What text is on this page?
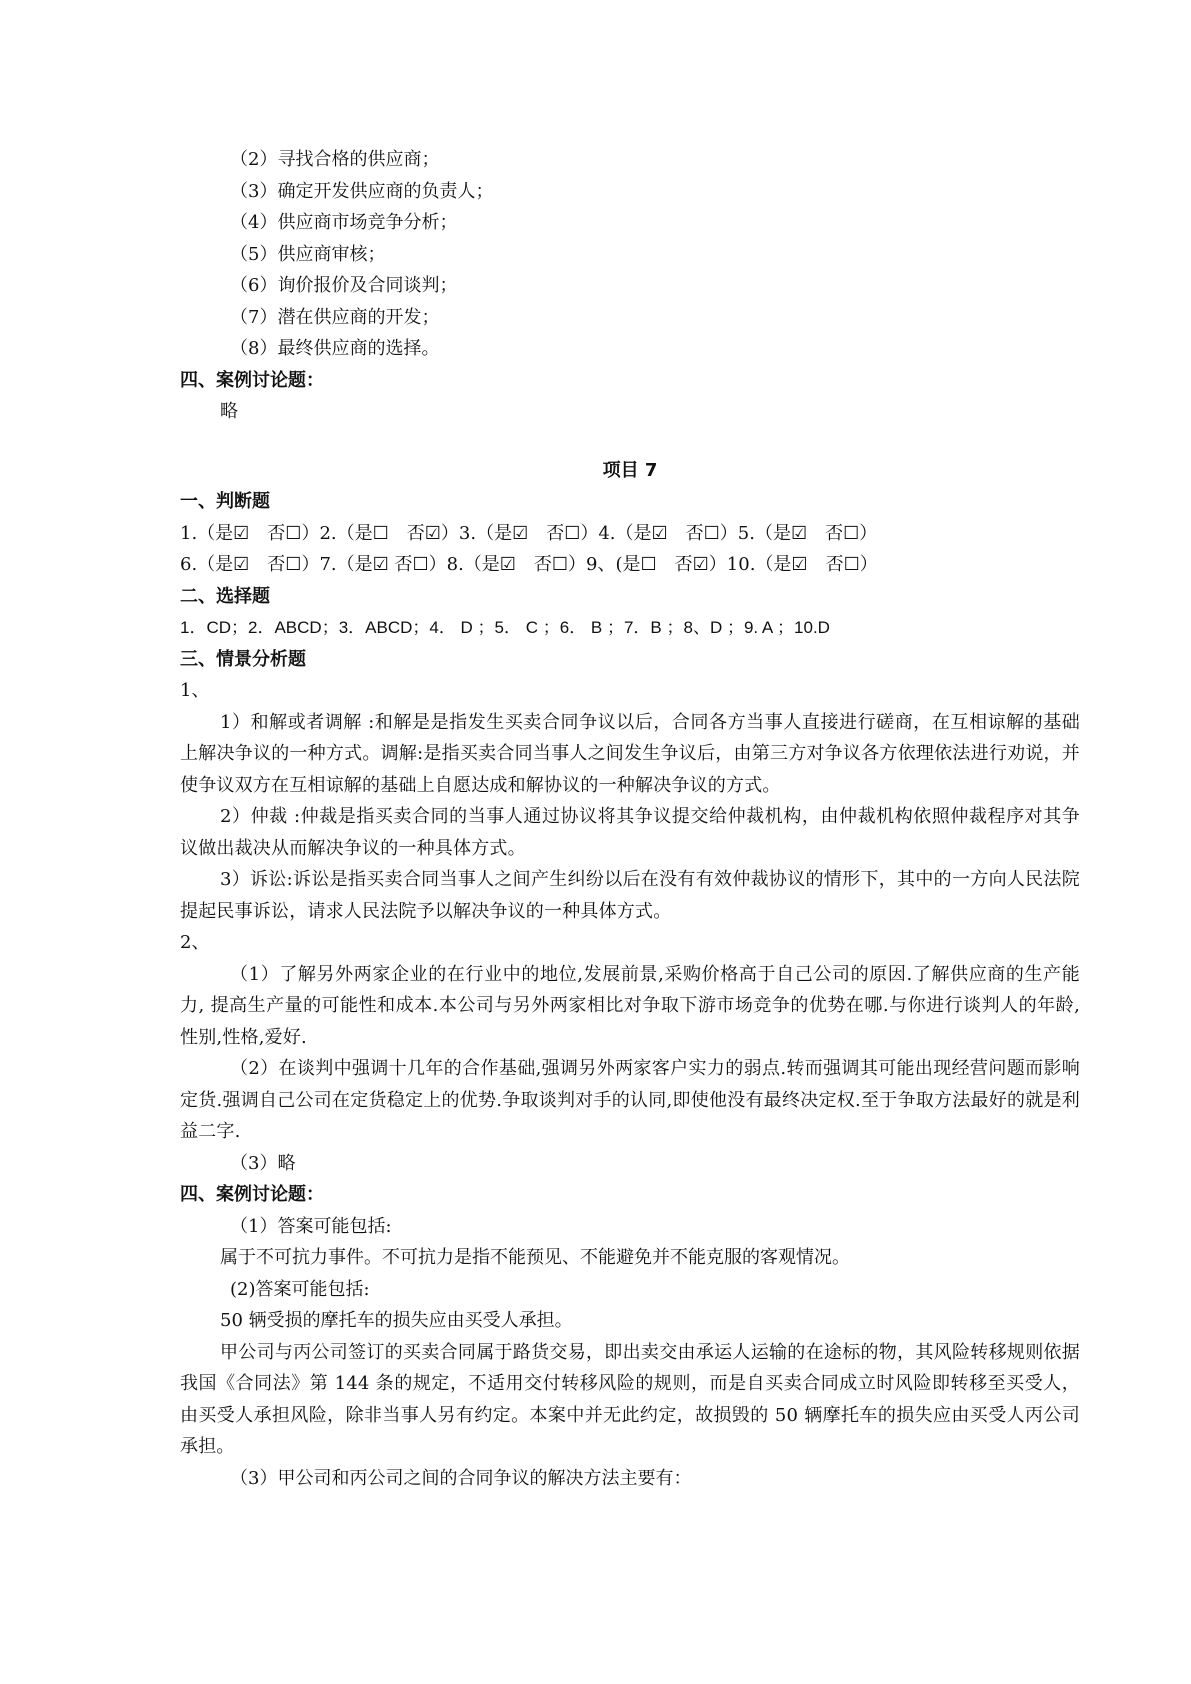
（2）寻找合格的供应商；
（3）确定开发供应商的负责人；
（4）供应商市场竞争分析；
（5）供应商审核；
（6）询价报价及合同谈判；
（7）潜在供应商的开发；
（8）最终供应商的选择。
四、案例讨论题：
略
项目 7
一、判断题
1.（是☑　否☐）2.（是☐　否☑）3.（是☑　否☐）4.（是☑　否☐）5.（是☑　否☐）
6.（是☑　否☐）7.（是☑ 否☐）8.（是☑　否☐）9、(是☐　否☑）10.（是☑　否☐）
二、选择题
1．CD；2．ABCD；3．ABCD；4． D ；5． C ；6． B ；7．B ；8、D ；9. A ；10.D
三、情景分析题
1、
1）和解或者调解 :和解是是指发生买卖合同争议以后，合同各方当事人直接进行磋商，在互相谅解的基础上解决争议的一种方式。调解:是指买卖合同当事人之间发生争议后，由第三方对争议各方依理依法进行劝说，并使争议双方在互相谅解的基础上自愿达成和解协议的一种解决争议的方式。
2）仲裁 :仲裁是指买卖合同的当事人通过协议将其争议提交给仲裁机构，由仲裁机构依照仲裁程序对其争议做出裁决从而解决争议的一种具体方式。
3）诉讼:诉讼是指买卖合同当事人之间产生纠纷以后在没有有效仲裁协议的情形下，其中的一方向人民法院提起民事诉讼，请求人民法院予以解决争议的一种具体方式。
2、
（1）了解另外两家企业的在行业中的地位,发展前景,采购价格高于自己公司的原因.了解供应商的生产能力, 提高生产量的可能性和成本.本公司与另外两家相比对争取下游市场竞争的优势在哪.与你进行谈判人的年龄,性别,性格,爱好.
（2）在谈判中强调十几年的合作基础,强调另外两家客户实力的弱点.转而强调其可能出现经营问题而影响定货.强调自己公司在定货稳定上的优势.争取谈判对手的认同,即使他没有最终决定权.至于争取方法最好的就是利益二字.
（3）略
四、案例讨论题：
（1）答案可能包括:
属于不可抗力事件。不可抗力是指不能预见、不能避免并不能克服的客观情况。
(2)答案可能包括:
50 辆受损的摩托车的损失应由买受人承担。
甲公司与丙公司签订的买卖合同属于路货交易，即出卖交由承运人运输的在途标的物，其风险转移规则依据我国《合同法》第 144 条的规定，不适用交付转移风险的规则，而是自买卖合同成立时风险即转移至买受人，由买受人承担风险，除非当事人另有约定。本案中并无此约定，故损毁的 50 辆摩托车的损失应由买受人丙公司承担。
（3）甲公司和丙公司之间的合同争议的解决方法主要有：
